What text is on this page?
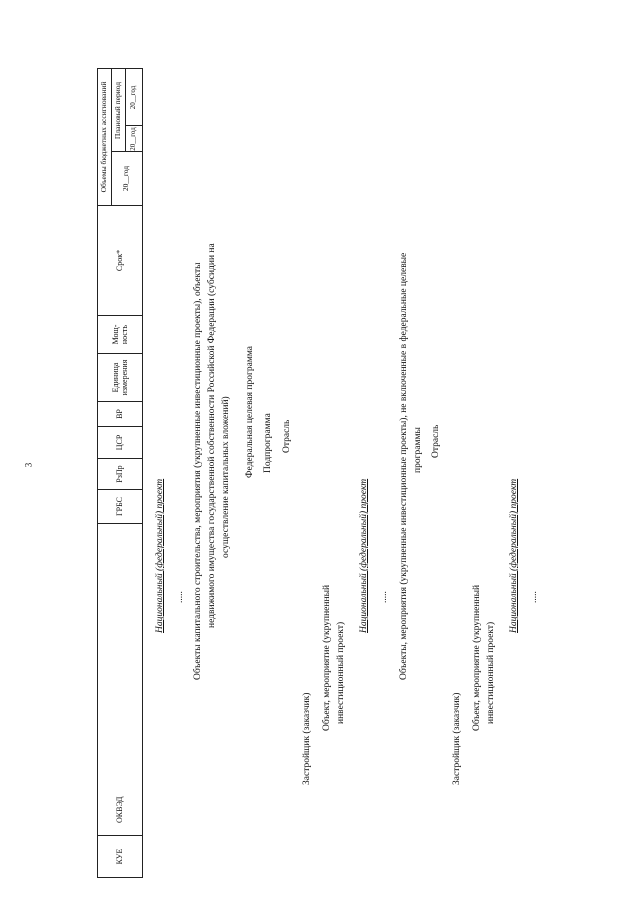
3
КУЕ
ОКВЭД
ГРБС
РзПр
ЦСР
ВР
Единица измерения
Мощ- ность
Срок*
Объемы бюджетных ассигнований	20__год
Плановый период	20__год
20__год
Национальный (федеральный) проект ..... Объекты капитального строительства, мероприятия (укрупненные инвестиционные проекты), объекты недвижимого имущества государственной собственности Российской Федерации (субсидии на осуществление капитальных вложений) Федеральная целевая программа Подпрограмма Отрасль
Застройщик (заказчик)
Объект, мероприятие (укрупненный инвестиционный проект)
Национальный (федеральный) проект ..... Объекты, мероприятия (укрупненные инвестиционные проекты), не включенные в федеральные целевые программы Отрасль
Застройщик (заказчик)
Объект, мероприятие (укрупненный инвестиционный проект)
Национальный (федеральный) проект .....
